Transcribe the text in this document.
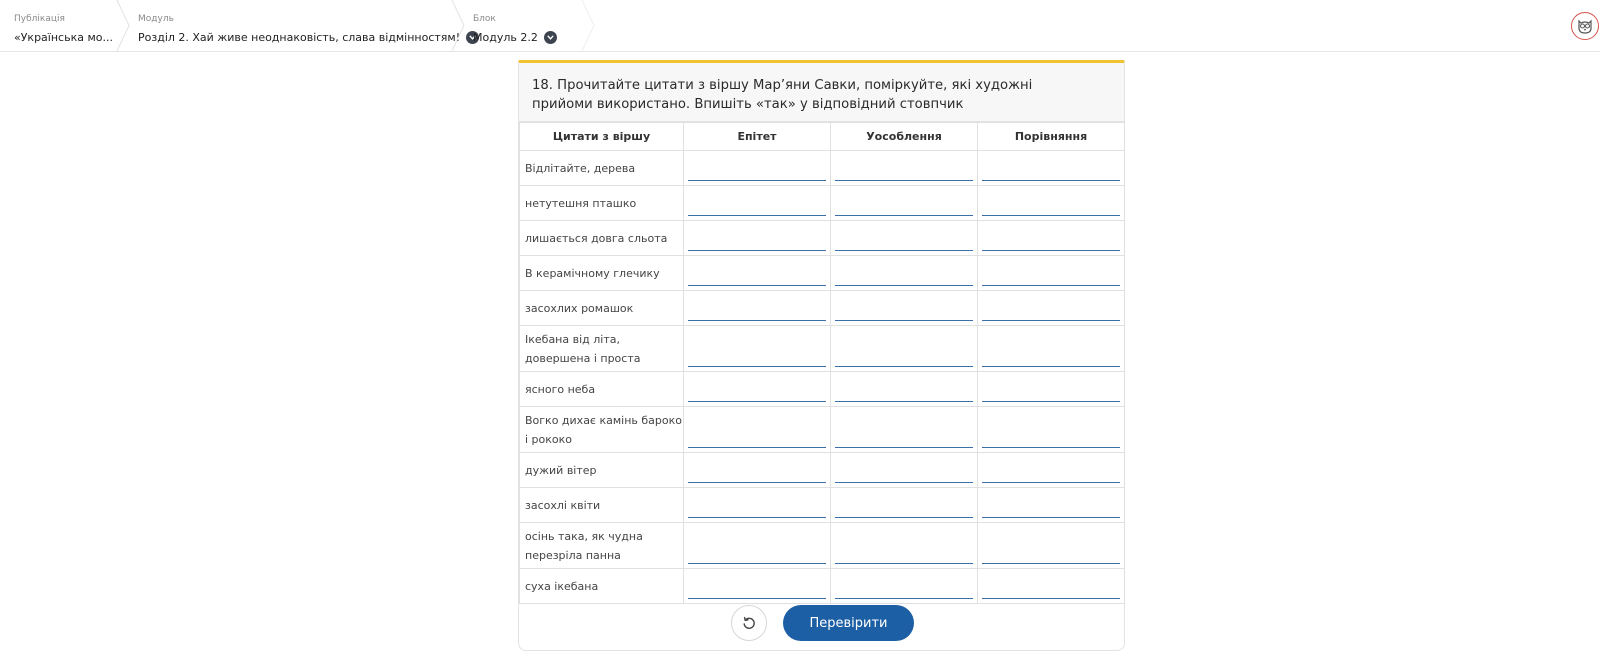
Публікація
«Українська мо...
Модуль
Розділ 2. Хай живе неоднаковість, слава відмінностям!
Блок
Модуль 2.2
18. Прочитайте цитати з віршу Мар’яни Савки, поміркуйте, які художні прийоми використано. Впишіть «так» у відповідний стовпчик
Цитати з віршу	Епітет	Уособлення	Порівняння
Відлітайте, дерева	

нетутешня пташко	

лишається довга сльота	

В керамічному глечику	

засохлих ромашок	

Ікебана від літа, довершена і проста	

ясного неба	

Вогко дихає камінь бароко і рококо	

дужий вітер	

засохлі квіти	

осінь така, як чудна перезріла панна	

суха ікебана	

Перевірити
